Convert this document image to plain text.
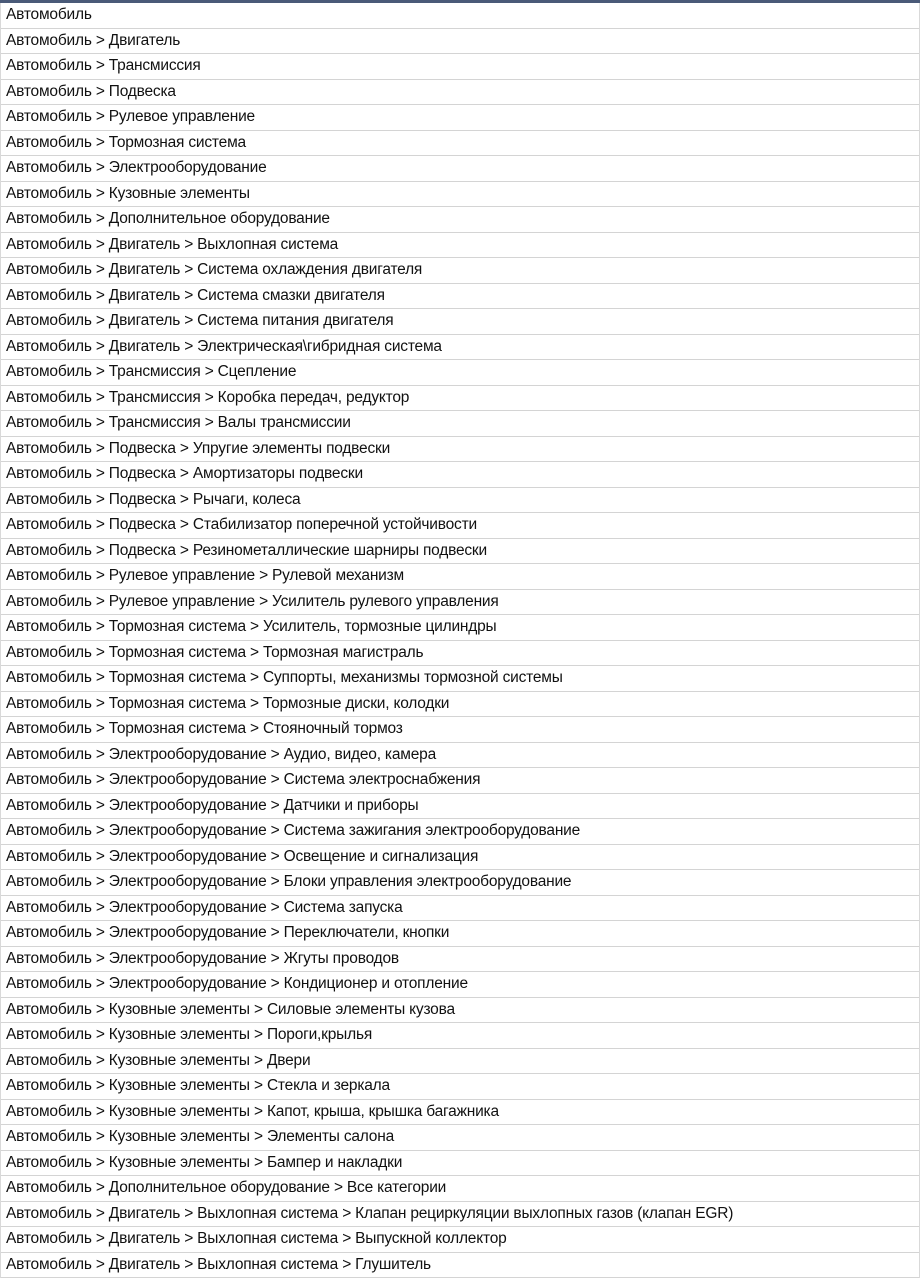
Автомобиль
Автомобиль > Двигатель
Автомобиль > Трансмиссия
Автомобиль > Подвеска
Автомобиль > Рулевое управление
Автомобиль > Тормозная система
Автомобиль > Электрооборудование
Автомобиль > Кузовные элементы
Автомобиль > Дополнительное оборудование
Автомобиль > Двигатель > Выхлопная система
Автомобиль > Двигатель > Система охлаждения двигателя
Автомобиль > Двигатель > Система смазки двигателя
Автомобиль > Двигатель > Система питания двигателя
Автомобиль > Двигатель > Электрическая\гибридная система
Автомобиль > Трансмиссия > Сцепление
Автомобиль > Трансмиссия > Коробка передач, редуктор
Автомобиль > Трансмиссия > Валы трансмиссии
Автомобиль > Подвеска > Упругие элементы подвески
Автомобиль > Подвеска > Амортизаторы подвески
Автомобиль > Подвеска > Рычаги, колеса
Автомобиль > Подвеска > Стабилизатор поперечной устойчивости
Автомобиль > Подвеска > Резинометаллические шарниры подвески
Автомобиль > Рулевое управление > Рулевой механизм
Автомобиль > Рулевое управление > Усилитель рулевого управления
Автомобиль > Тормозная система > Усилитель, тормозные цилиндры
Автомобиль > Тормозная система > Тормозная магистраль
Автомобиль > Тормозная система > Суппорты, механизмы тормозной системы
Автомобиль > Тормозная система > Тормозные диски, колодки
Автомобиль > Тормозная система > Стояночный тормоз
Автомобиль > Электрооборудование > Аудио, видео, камера
Автомобиль > Электрооборудование > Система электроснабжения
Автомобиль > Электрооборудование > Датчики и приборы
Автомобиль > Электрооборудование > Система зажигания электрооборудование
Автомобиль > Электрооборудование > Освещение и сигнализация
Автомобиль > Электрооборудование > Блоки управления электрооборудование
Автомобиль > Электрооборудование > Система запуска
Автомобиль > Электрооборудование > Переключатели, кнопки
Автомобиль > Электрооборудование > Жгуты проводов
Автомобиль > Электрооборудование > Кондиционер и отопление
Автомобиль > Кузовные элементы > Силовые элементы кузова
Автомобиль > Кузовные элементы > Пороги,крылья
Автомобиль > Кузовные элементы > Двери
Автомобиль > Кузовные элементы > Стекла и зеркала
Автомобиль > Кузовные элементы > Капот, крыша, крышка багажника
Автомобиль > Кузовные элементы > Элементы салона
Автомобиль > Кузовные элементы > Бампер и накладки
Автомобиль > Дополнительное оборудование > Все категории
Автомобиль > Двигатель > Выхлопная система > Клапан рециркуляции выхлопных газов (клапан EGR)
Автомобиль > Двигатель > Выхлопная система > Выпускной коллектор
Автомобиль > Двигатель > Выхлопная система > Глушитель
